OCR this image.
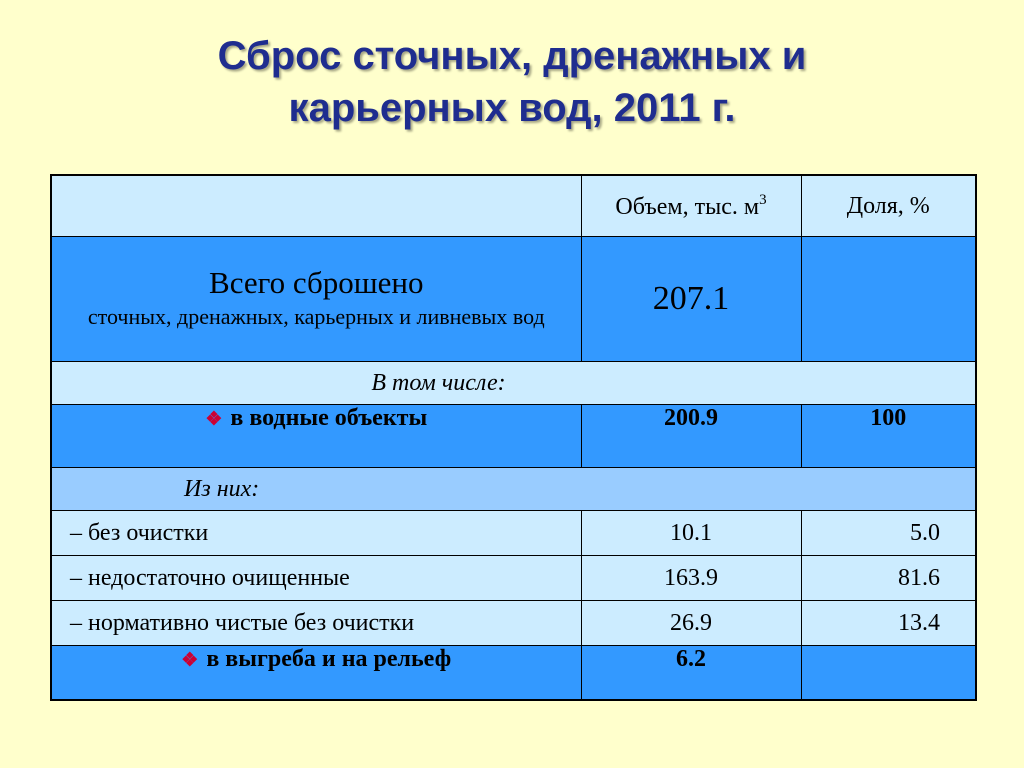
Сброс сточных, дренажных и
карьерных вод, 2011 г.
	Объем, тыс. $м^3$	Доля, %

Всего сброшено
сточных, дренажных, карьерных и ливневых вод	207.1	
В том числе:		
❖ в водные объекты	200.9	100
Из них:		
– без очистки	10.1	5.0
– недостаточно очищенные	163.9	81.6
– нормативно чистые без очистки	26.9	13.4
❖ в выгреба и на рельеф	6.2	
